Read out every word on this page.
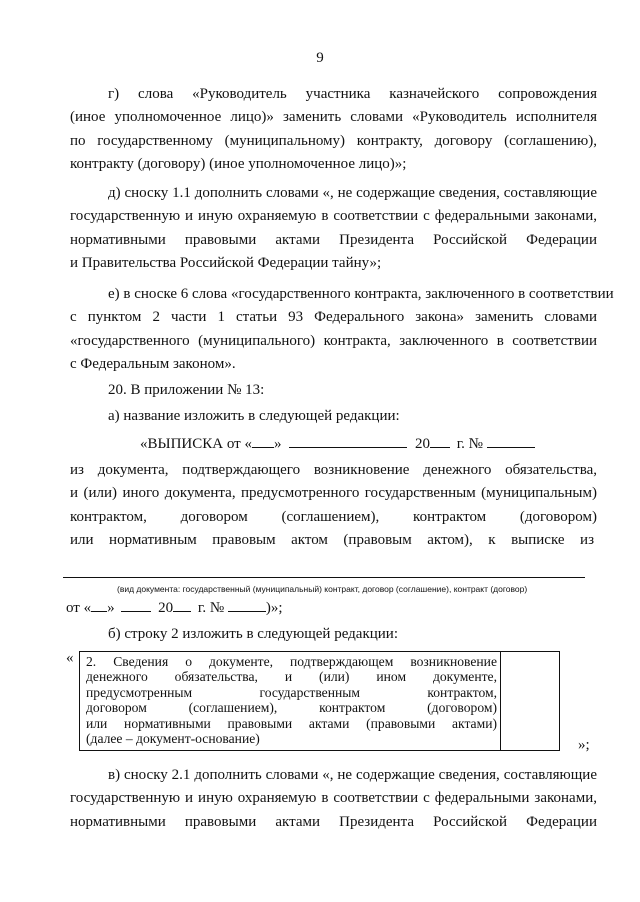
9
г) слова «Руководитель участника казначейского сопровождения
(иное уполномоченное лицо)» заменить словами «Руководитель исполнителя
по государственному (муниципальному) контракту, договору (соглашению),
контракту (договору) (иное уполномоченное лицо)»;
д) сноску 1.1 дополнить словами «, не содержащие сведения, составляющие
государственную и иную охраняемую в соответствии с федеральными законами,
нормативными правовыми актами Президента Российской Федерации
и Правительства Российской Федерации тайну»;
е) в сноске 6 слова «государственного контракта, заключенного в соответствии
с пунктом 2 части 1 статьи 93 Федерального закона» заменить словами
«государственного (муниципального) контракта, заключенного в соответствии
с Федеральным законом».
20. В приложении № 13:
а) название изложить в следующей редакции:
«ВЫПИСКА от « »	20 г. №
из документа, подтверждающего возникновение денежного обязательства,
и (или) иного документа, предусмотренного государственным (муниципальным)
контрактом, договором (соглашением), контрактом (договором)
или нормативным правовым актом (правовым актом), к выписке из
(вид документа: государственный (муниципальный) контракт, договор (соглашение), контракт (договор)
от « »	20 г. №	)»;
б) строку 2 изложить в следующей редакции:
« 2. Сведения о документе, подтверждающем возникновение
денежного обязательства, и (или) ином документе,
предусмотренным государственным контрактом,
договором (соглашением), контрактом (договором)
или нормативными правовыми актами (правовыми актами)
(далее – документ-основание)	»;
в) сноску 2.1 дополнить словами «, не содержащие сведения, составляющие
государственную и иную охраняемую в соответствии с федеральными законами,
нормативными правовыми актами Президента Российской Федерации
